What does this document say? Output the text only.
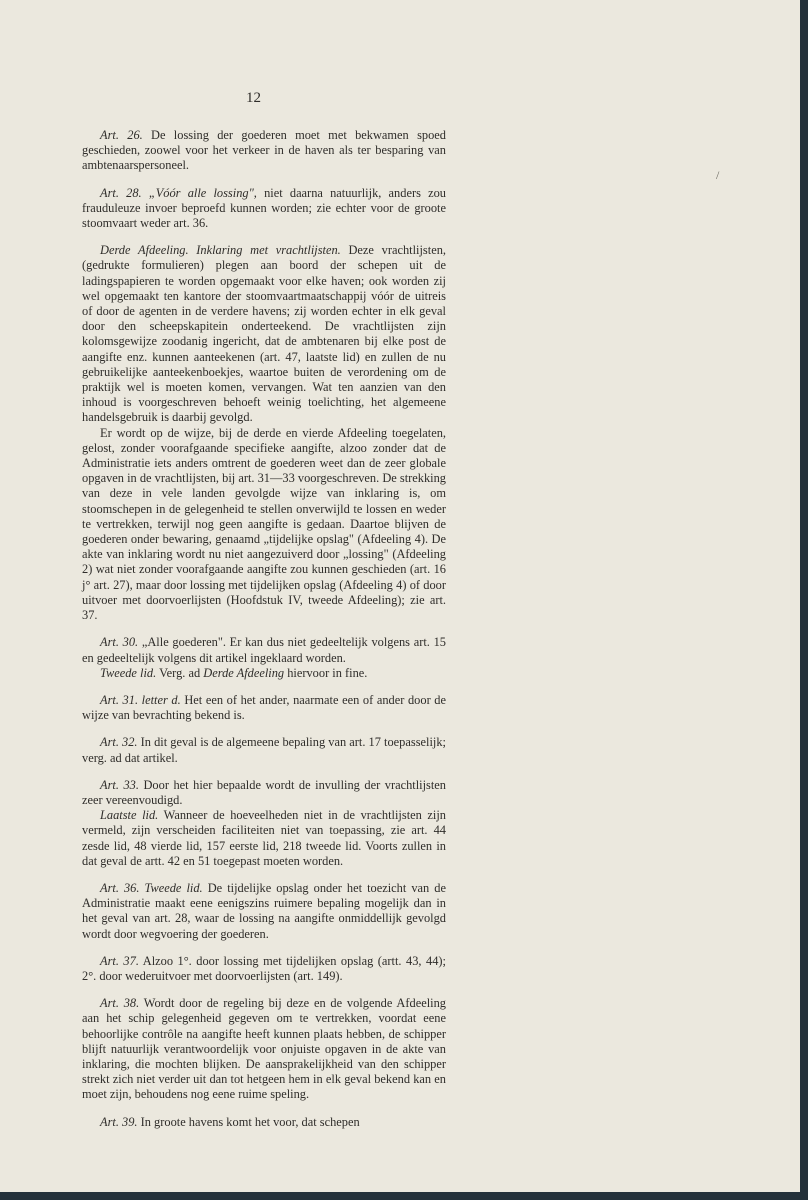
12
/

Art. 26. De lossing der goederen moet met bekwamen spoed geschieden, zoowel voor het verkeer in de haven als ter besparing van ambtenaarspersoneel.

Art. 28. „Vóór alle lossing", niet daarna natuurlijk, anders zou frauduleuze invoer beproefd kunnen worden; zie echter voor de groote stoomvaart weder art. 36.

Derde Afdeeling. Inklaring met vrachtlijsten. Deze vrachtlijsten, (gedrukte formulieren) plegen aan boord der schepen uit de ladingspapieren te worden opgemaakt voor elke haven; ook worden zij wel opgemaakt ten kantore der stoomvaartmaatschappij vóór de uitreis of door de agenten in de verdere havens; zij worden echter in elk geval door den scheepskapitein onderteekend. De vrachtlijsten zijn kolomsgewijze zoodanig ingericht, dat de ambtenaren bij elke post de aangifte enz. kunnen aanteekenen (art. 47, laatste lid) en zullen de nu gebruikelijke aanteekenboekjes, waartoe buiten de verordening om de praktijk wel is moeten komen, vervangen. Wat ten aanzien van den inhoud is voorgeschreven behoeft weinig toelichting, het algemeene handelsgebruik is daarbij gevolgd.

Er wordt op de wijze, bij de derde en vierde Afdeeling toegelaten, gelost, zonder voorafgaande specifieke aangifte, alzoo zonder dat de Administratie iets anders omtrent de goederen weet dan de zeer globale opgaven in de vrachtlijsten, bij art. 31—33 voorgeschreven. De strekking van deze in vele landen gevolgde wijze van inklaring is, om stoomschepen in de gelegenheid te stellen onverwijld te lossen en weder te vertrekken, terwijl nog geen aangifte is gedaan. Daartoe blijven de goederen onder bewaring, genaamd „tijdelijke opslag" (Afdeeling 4). De akte van inklaring wordt nu niet aangezuiverd door „lossing" (Afdeeling 2) wat niet zonder voorafgaande aangifte zou kunnen geschieden (art. 16 j° art. 27), maar door lossing met tijdelijken opslag (Afdeeling 4) of door uitvoer met doorvoerlijsten (Hoofdstuk IV, tweede Afdeeling); zie art. 37.

Art. 30. „Alle goederen". Er kan dus niet gedeeltelijk volgens art. 15 en gedeeltelijk volgens dit artikel ingeklaard worden.

Tweede lid. Verg. ad Derde Afdeeling hiervoor in fine.

Art. 31. letter d. Het een of het ander, naarmate een of ander door de wijze van bevrachting bekend is.

Art. 32. In dit geval is de algemeene bepaling van art. 17 toepasselijk; verg. ad dat artikel.

Art. 33. Door het hier bepaalde wordt de invulling der vrachtlijsten zeer vereenvoudigd.

Laatste lid. Wanneer de hoeveelheden niet in de vrachtlijsten zijn vermeld, zijn verscheiden faciliteiten niet van toepassing, zie art. 44 zesde lid, 48 vierde lid, 157 eerste lid, 218 tweede lid. Voorts zullen in dat geval de artt. 42 en 51 toegepast moeten worden.

Art. 36. Tweede lid. De tijdelijke opslag onder het toezicht van de Administratie maakt eene eenigszins ruimere bepaling mogelijk dan in het geval van art. 28, waar de lossing na aangifte onmiddellijk gevolgd wordt door wegvoering der goederen.

Art. 37. Alzoo 1°. door lossing met tijdelijken opslag (artt. 43, 44); 2°. door wederuitvoer met doorvoerlijsten (art. 149).

Art. 38. Wordt door de regeling bij deze en de volgende Afdeeling aan het schip gelegenheid gegeven om te vertrekken, voordat eene behoorlijke contrôle na aangifte heeft kunnen plaats hebben, de schipper blijft natuurlijk verantwoordelijk voor onjuiste opgaven in de akte van inklaring, die mochten blijken. De aansprakelijkheid van den schipper strekt zich niet verder uit dan tot hetgeen hem in elk geval bekend kan en moet zijn, behoudens nog eene ruime speling.

Art. 39. In groote havens komt het voor, dat schepen
